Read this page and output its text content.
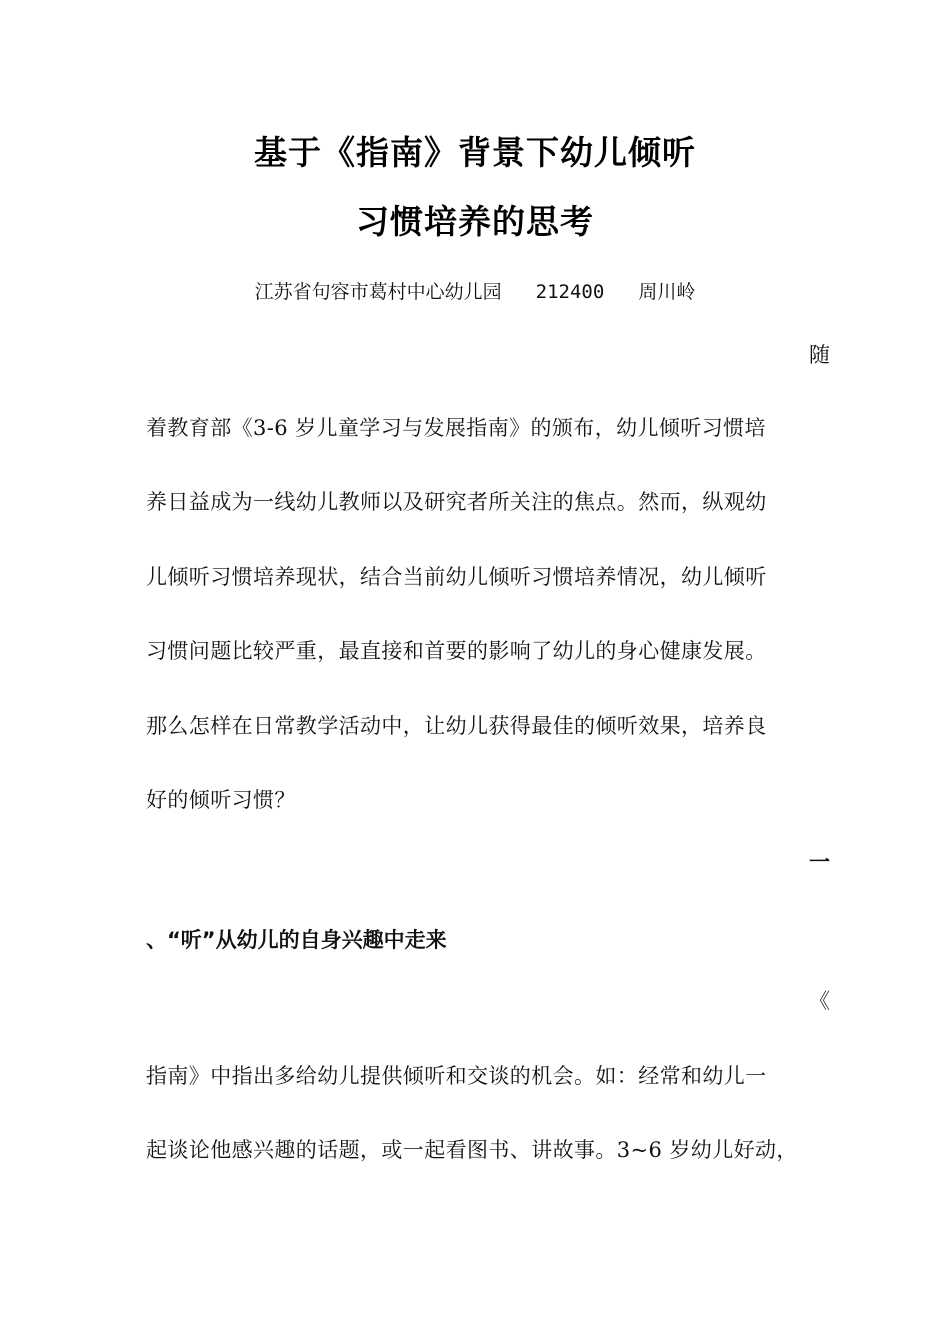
基于《指南》背景下幼儿倾听
习惯培养的思考
江苏省句容市葛村中心幼儿园 212400 周川岭
随
着教育部《3-6 岁儿童学习与发展指南》的颁布，幼儿倾听习惯培
养日益成为一线幼儿教师以及研究者所关注的焦点。然而，纵观幼
儿倾听习惯培养现状，结合当前幼儿倾听习惯培养情况，幼儿倾听
习惯问题比较严重，最直接和首要的影响了幼儿的身心健康发展。
那么怎样在日常教学活动中，让幼儿获得最佳的倾听效果，培养良
好的倾听习惯？
一
、“听”从幼儿的自身兴趣中走来
《
指南》中指出多给幼儿提供倾听和交谈的机会。如：经常和幼儿一
起谈论他感兴趣的话题，或一起看图书、讲故事。3~6 岁幼儿好动，
